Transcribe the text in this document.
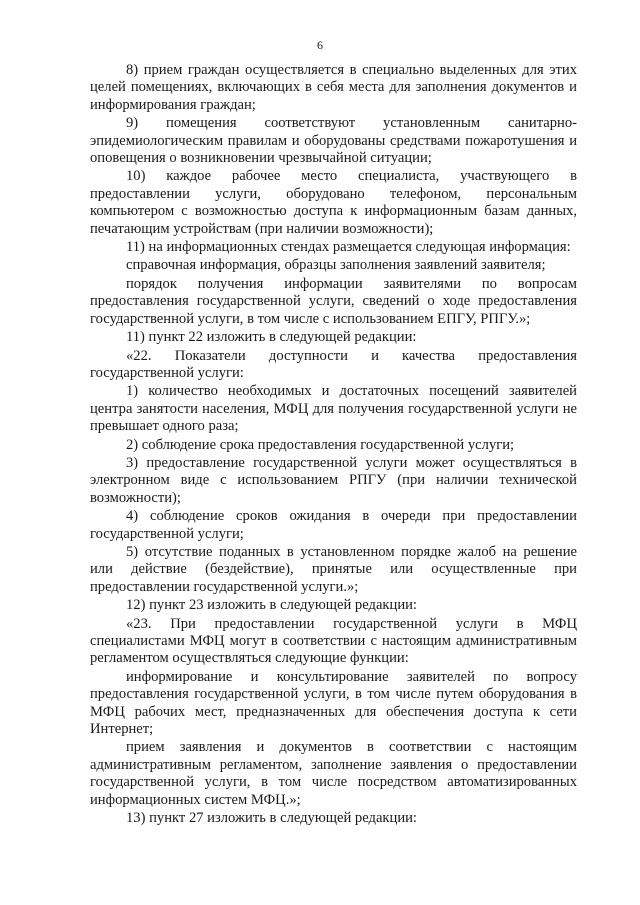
6

8) прием граждан осуществляется в специально выделенных для этих целей помещениях, включающих в себя места для заполнения документов и информирования граждан;

9) помещения соответствуют установленным санитарно-эпидемиологическим правилам и оборудованы средствами пожаротушения и оповещения о возникновении чрезвычайной ситуации;

10) каждое рабочее место специалиста, участвующего в предоставлении услуги, оборудовано телефоном, персональным компьютером с возможностью доступа к информационным базам данных, печатающим устройствам (при наличии возможности);

11) на информационных стендах размещается следующая информация:

справочная информация, образцы заполнения заявлений заявителя;

порядок получения информации заявителями по вопросам предоставления государственной услуги, сведений о ходе предоставления государственной услуги, в том числе с использованием ЕПГУ, РПГУ.»;

11) пункт 22 изложить в следующей редакции:

«22. Показатели доступности и качества предоставления государственной услуги:

1) количество необходимых и достаточных посещений заявителей центра занятости населения, МФЦ для получения государственной услуги не превышает одного раза;

2) соблюдение срока предоставления государственной услуги;

3) предоставление государственной услуги может осуществляться в электронном виде с использованием РПГУ (при наличии технической возможности);

4) соблюдение сроков ожидания в очереди при предоставлении государственной услуги;

5) отсутствие поданных в установленном порядке жалоб на решение или действие (бездействие), принятые или осуществленные при предоставлении государственной услуги.»;

12) пункт 23 изложить в следующей редакции:

«23. При предоставлении государственной услуги в МФЦ специалистами МФЦ могут в соответствии с настоящим административным регламентом осуществляться следующие функции:

информирование и консультирование заявителей по вопросу предоставления государственной услуги, в том числе путем оборудования в МФЦ рабочих мест, предназначенных для обеспечения доступа к сети Интернет;

прием заявления и документов в соответствии с настоящим административным регламентом, заполнение заявления о предоставлении государственной услуги, в том числе посредством автоматизированных информационных систем МФЦ.»;

13) пункт 27 изложить в следующей редакции:
